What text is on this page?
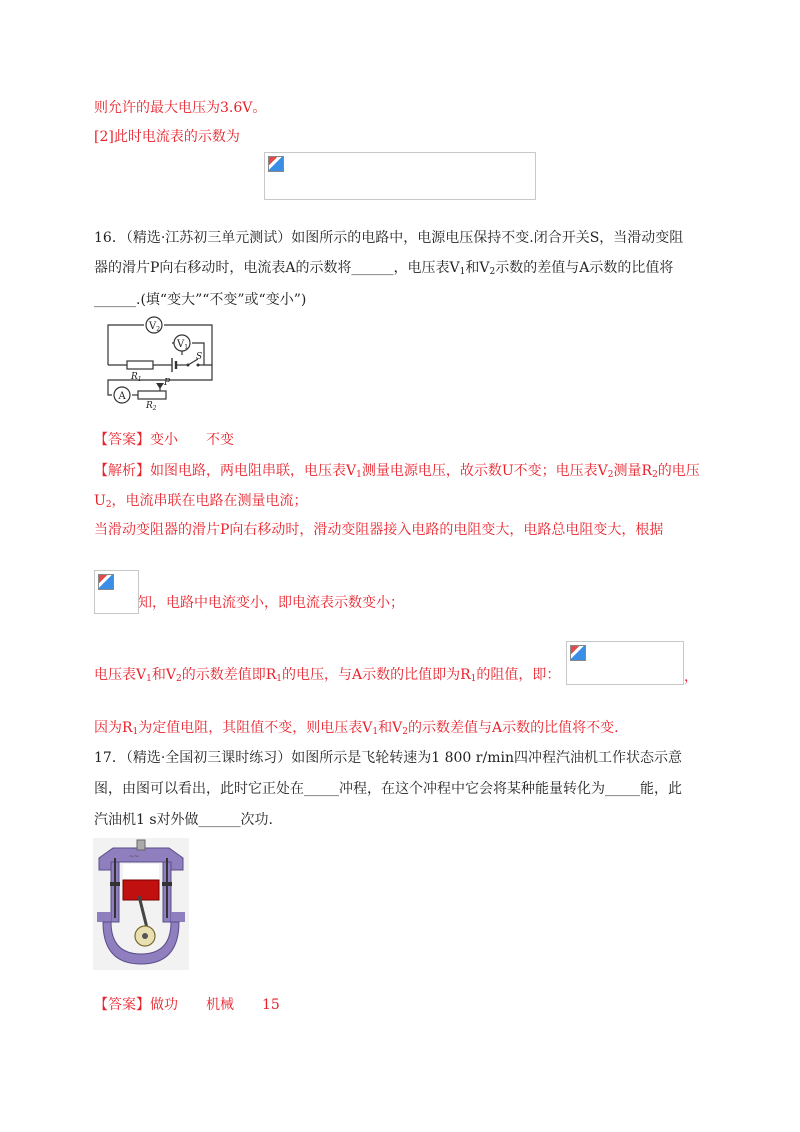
则允许的最大电压为3.6V。
[2]此时电流表的示数为
16．（精选·江苏初三单元测试）如图所示的电路中，电源电压保持不变.闭合开关S，当滑动变阻
器的滑片P向右移动时，电流表A的示数将______，电压表$V_1$和$V_2$示数的差值与A示数的比值将
______.(填“变大”“不变”或“变小”)
$V_2$
$V_1$
A
S
$R_1$ P
$R_2$
【答案】变小　　不变
【解析】如图电路，两电阻串联，电压表$V_1$测量电源电压，故示数U不变；电压表$V_2$测量$R_2$的电压
$U_2$，电流串联在电路在测量电流；
当滑动变阻器的滑片P向右移动时，滑动变阻器接入电路的电阻变大，电路总电阻变大，根据
知，电路中电流变小，即电流表示数变小；
电压表$V_1$和$V_2$的示数差值即$R_1$的电压，与A示数的比值即为$R_1$的阻值，即：	，
因为$R_1$为定值电阻，其阻值不变，则电压表$V_1$和$V_2$的示数差值与A示数的比值将不变.
17．（精选·全国初三课时练习）如图所示是飞轮转速为1 800 r/min四冲程汽油机工作状态示意
图，由图可以看出，此时它正处在_____冲程，在这个冲程中它会将某种能量转化为_____能，此
汽油机1 s对外做______次功.
~~
【答案】做功　　机械　　15
